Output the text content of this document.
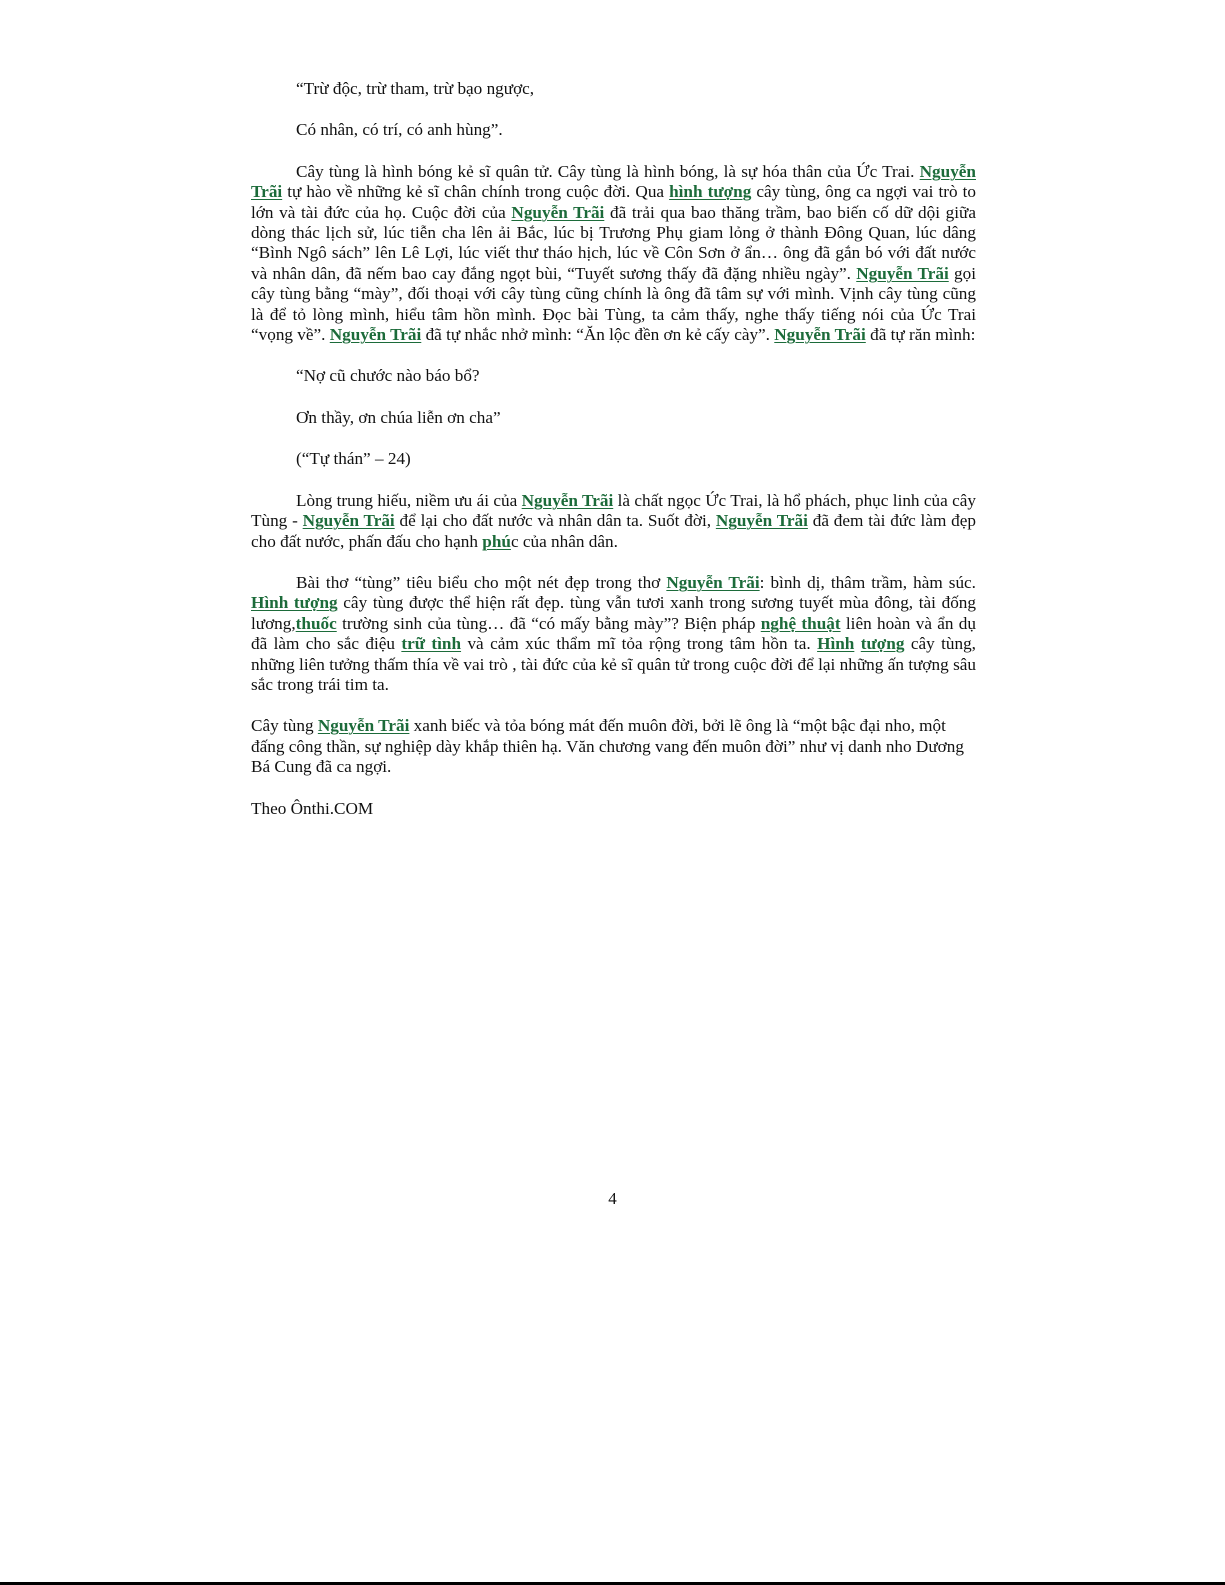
“Trừ độc, trừ tham, trừ bạo ngược,

Có nhân, có trí, có anh hùng”.

Cây tùng là hình bóng kẻ sĩ quân tử. Cây tùng là hình bóng, là sự hóa thân của Ức Trai. Nguyễn Trãi tự hào về những kẻ sĩ chân chính trong cuộc đời. Qua hình tượng cây tùng, ông ca ngợi vai trò to lớn và tài đức của họ. Cuộc đời của Nguyễn Trãi đã trải qua bao thăng trầm, bao biến cố dữ dội giữa dòng thác lịch sử, lúc tiễn cha lên ải Bắc, lúc bị Trương Phụ giam lỏng ở thành Đông Quan, lúc dâng “Bình Ngô sách” lên Lê Lợi, lúc viết thư tháo hịch, lúc về Côn Sơn ở ẩn… ông đã gắn bó với đất nước và nhân dân, đã nếm bao cay đắng ngọt bùi, “Tuyết sương thấy đã đặng nhiều ngày”. Nguyễn Trãi gọi cây tùng bằng “mày”, đối thoại với cây tùng cũng chính là ông đã tâm sự với mình. Vịnh cây tùng cũng là để tỏ lòng mình, hiểu tâm hồn mình. Đọc bài Tùng, ta cảm thấy, nghe thấy tiếng nói của Ức Trai “vọng về”. Nguyễn Trãi đã tự nhắc nhở mình: “Ăn lộc đền ơn kẻ cấy cày”. Nguyễn Trãi đã tự răn mình:

“Nợ cũ chước nào báo bổ?

Ơn thầy, ơn chúa liễn ơn cha”

(“Tự thán” – 24)

Lòng trung hiếu, niềm ưu ái của Nguyễn Trãi là chất ngọc Ức Trai, là hổ phách, phục linh của cây Tùng - Nguyễn Trãi để lại cho đất nước và nhân dân ta. Suốt đời, Nguyễn Trãi đã đem tài đức làm đẹp cho đất nước, phấn đấu cho hạnh phúc của nhân dân.

Bài thơ “tùng” tiêu biểu cho một nét đẹp trong thơ Nguyễn Trãi: bình dị, thâm trầm, hàm súc. Hình tượng cây tùng được thể hiện rất đẹp. tùng vẫn tươi xanh trong sương tuyết mùa đông, tài đống lương,thuốc trường sinh của tùng… đã “có mấy bằng mày”? Biện pháp nghệ thuật liên hoàn và ẩn dụ đã làm cho sắc điệu trữ tình và cảm xúc thẩm mĩ tỏa rộng trong tâm hồn ta. Hình tượng cây tùng, những liên tưởng thấm thía về vai trò , tài đức của kẻ sĩ quân tử trong cuộc đời để lại những ấn tượng sâu sắc trong trái tim ta.

Cây tùng Nguyễn Trãi xanh biếc và tỏa bóng mát đến muôn đời, bởi lẽ ông là “một bậc đại nho, một đấng công thần, sự nghiệp dày khắp thiên hạ. Văn chương vang đến muôn đời” như vị danh nho Dương Bá Cung đã ca ngợi.

Theo Ônthi.COM

4
